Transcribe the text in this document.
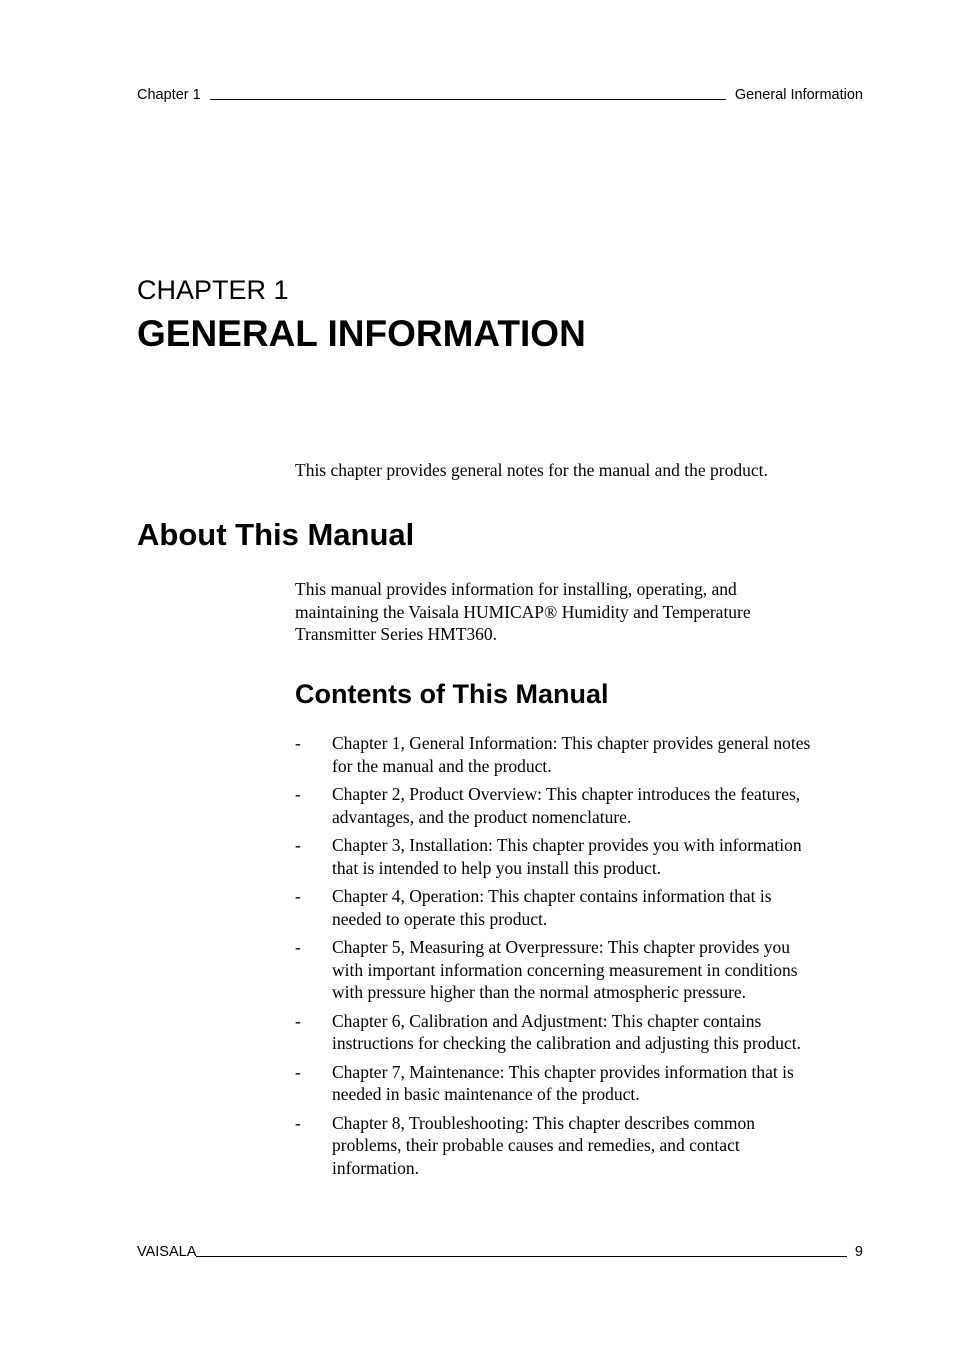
Chapter 1	General Information
CHAPTER 1
GENERAL INFORMATION
This chapter provides general notes for the manual and the product.
About This Manual
This manual provides information for installing, operating, and
maintaining the Vaisala HUMICAP® Humidity and Temperature
Transmitter Series HMT360.
Contents of This Manual
-	Chapter 1, General Information: This chapter provides general notes
for the manual and the product.
-	Chapter 2, Product Overview: This chapter introduces the features,
advantages, and the product nomenclature.
-	Chapter 3, Installation: This chapter provides you with information
that is intended to help you install this product.
-	Chapter 4, Operation: This chapter contains information that is
needed to operate this product.
-	Chapter 5, Measuring at Overpressure: This chapter provides you
with important information concerning measurement in conditions
with pressure higher than the normal atmospheric pressure.
-	Chapter 6, Calibration and Adjustment: This chapter contains
instructions for checking the calibration and adjusting this product.
-	Chapter 7, Maintenance: This chapter provides information that is
needed in basic maintenance of the product.
-	Chapter 8, Troubleshooting: This chapter describes common
problems, their probable causes and remedies, and contact
information.
VAISALA	9
